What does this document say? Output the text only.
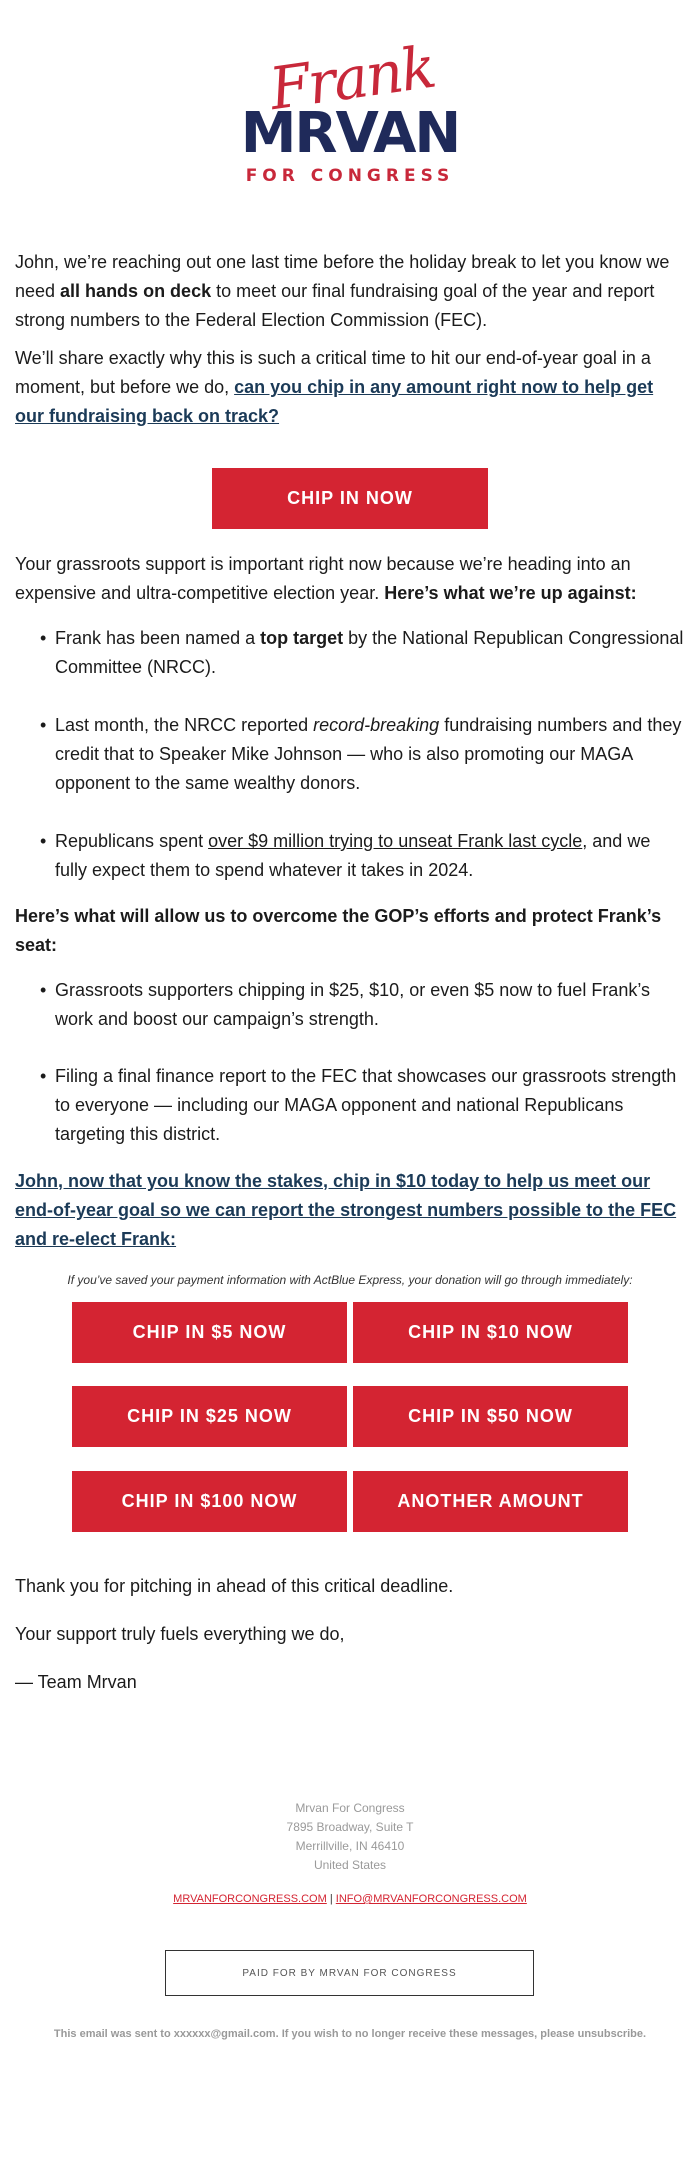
Frank
MRVAN
FOR CONGRESS
John, we’re reaching out one last time before the holiday break to let you know we need all hands on deck to meet our final fundraising goal of the year and report strong numbers to the Federal Election Commission (FEC).
We’ll share exactly why this is such a critical time to hit our end-of-year goal in a moment, but before we do, can you chip in any amount right now to help get our fundraising back on track?
CHIP IN NOW
Your grassroots support is important right now because we’re heading into an expensive and ultra-competitive election year. Here’s what we’re up against:
• Frank has been named a top target by the National Republican Congressional Committee (NRCC).
• Last month, the NRCC reported record-breaking fundraising numbers and they credit that to Speaker Mike Johnson — who is also promoting our MAGA opponent to the same wealthy donors.
• Republicans spent over $9 million trying to unseat Frank last cycle, and we fully expect them to spend whatever it takes in 2024.
Here’s what will allow us to overcome the GOP’s efforts and protect Frank’s seat:
• Grassroots supporters chipping in $25, $10, or even $5 now to fuel Frank’s work and boost our campaign’s strength.
• Filing a final finance report to the FEC that showcases our grassroots strength to everyone — including our MAGA opponent and national Republicans targeting this district.
John, now that you know the stakes, chip in $10 today to help us meet our end-of-year goal so we can report the strongest numbers possible to the FEC and re-elect Frank:
If you’ve saved your payment information with ActBlue Express, your donation will go through immediately:
CHIP IN $5 NOW	CHIP IN $10 NOW
CHIP IN $25 NOW	CHIP IN $50 NOW
CHIP IN $100 NOW	ANOTHER AMOUNT
Thank you for pitching in ahead of this critical deadline.
Your support truly fuels everything we do,
— Team Mrvan
Mrvan For Congress
7895 Broadway, Suite T
Merrillville, IN 46410
United States
MRVANFORCONGRESS.COM | INFO@MRVANFORCONGRESS.COM
PAID FOR BY MRVAN FOR CONGRESS
This email was sent to xxxxxx@gmail.com. If you wish to no longer receive these messages, please unsubscribe.
